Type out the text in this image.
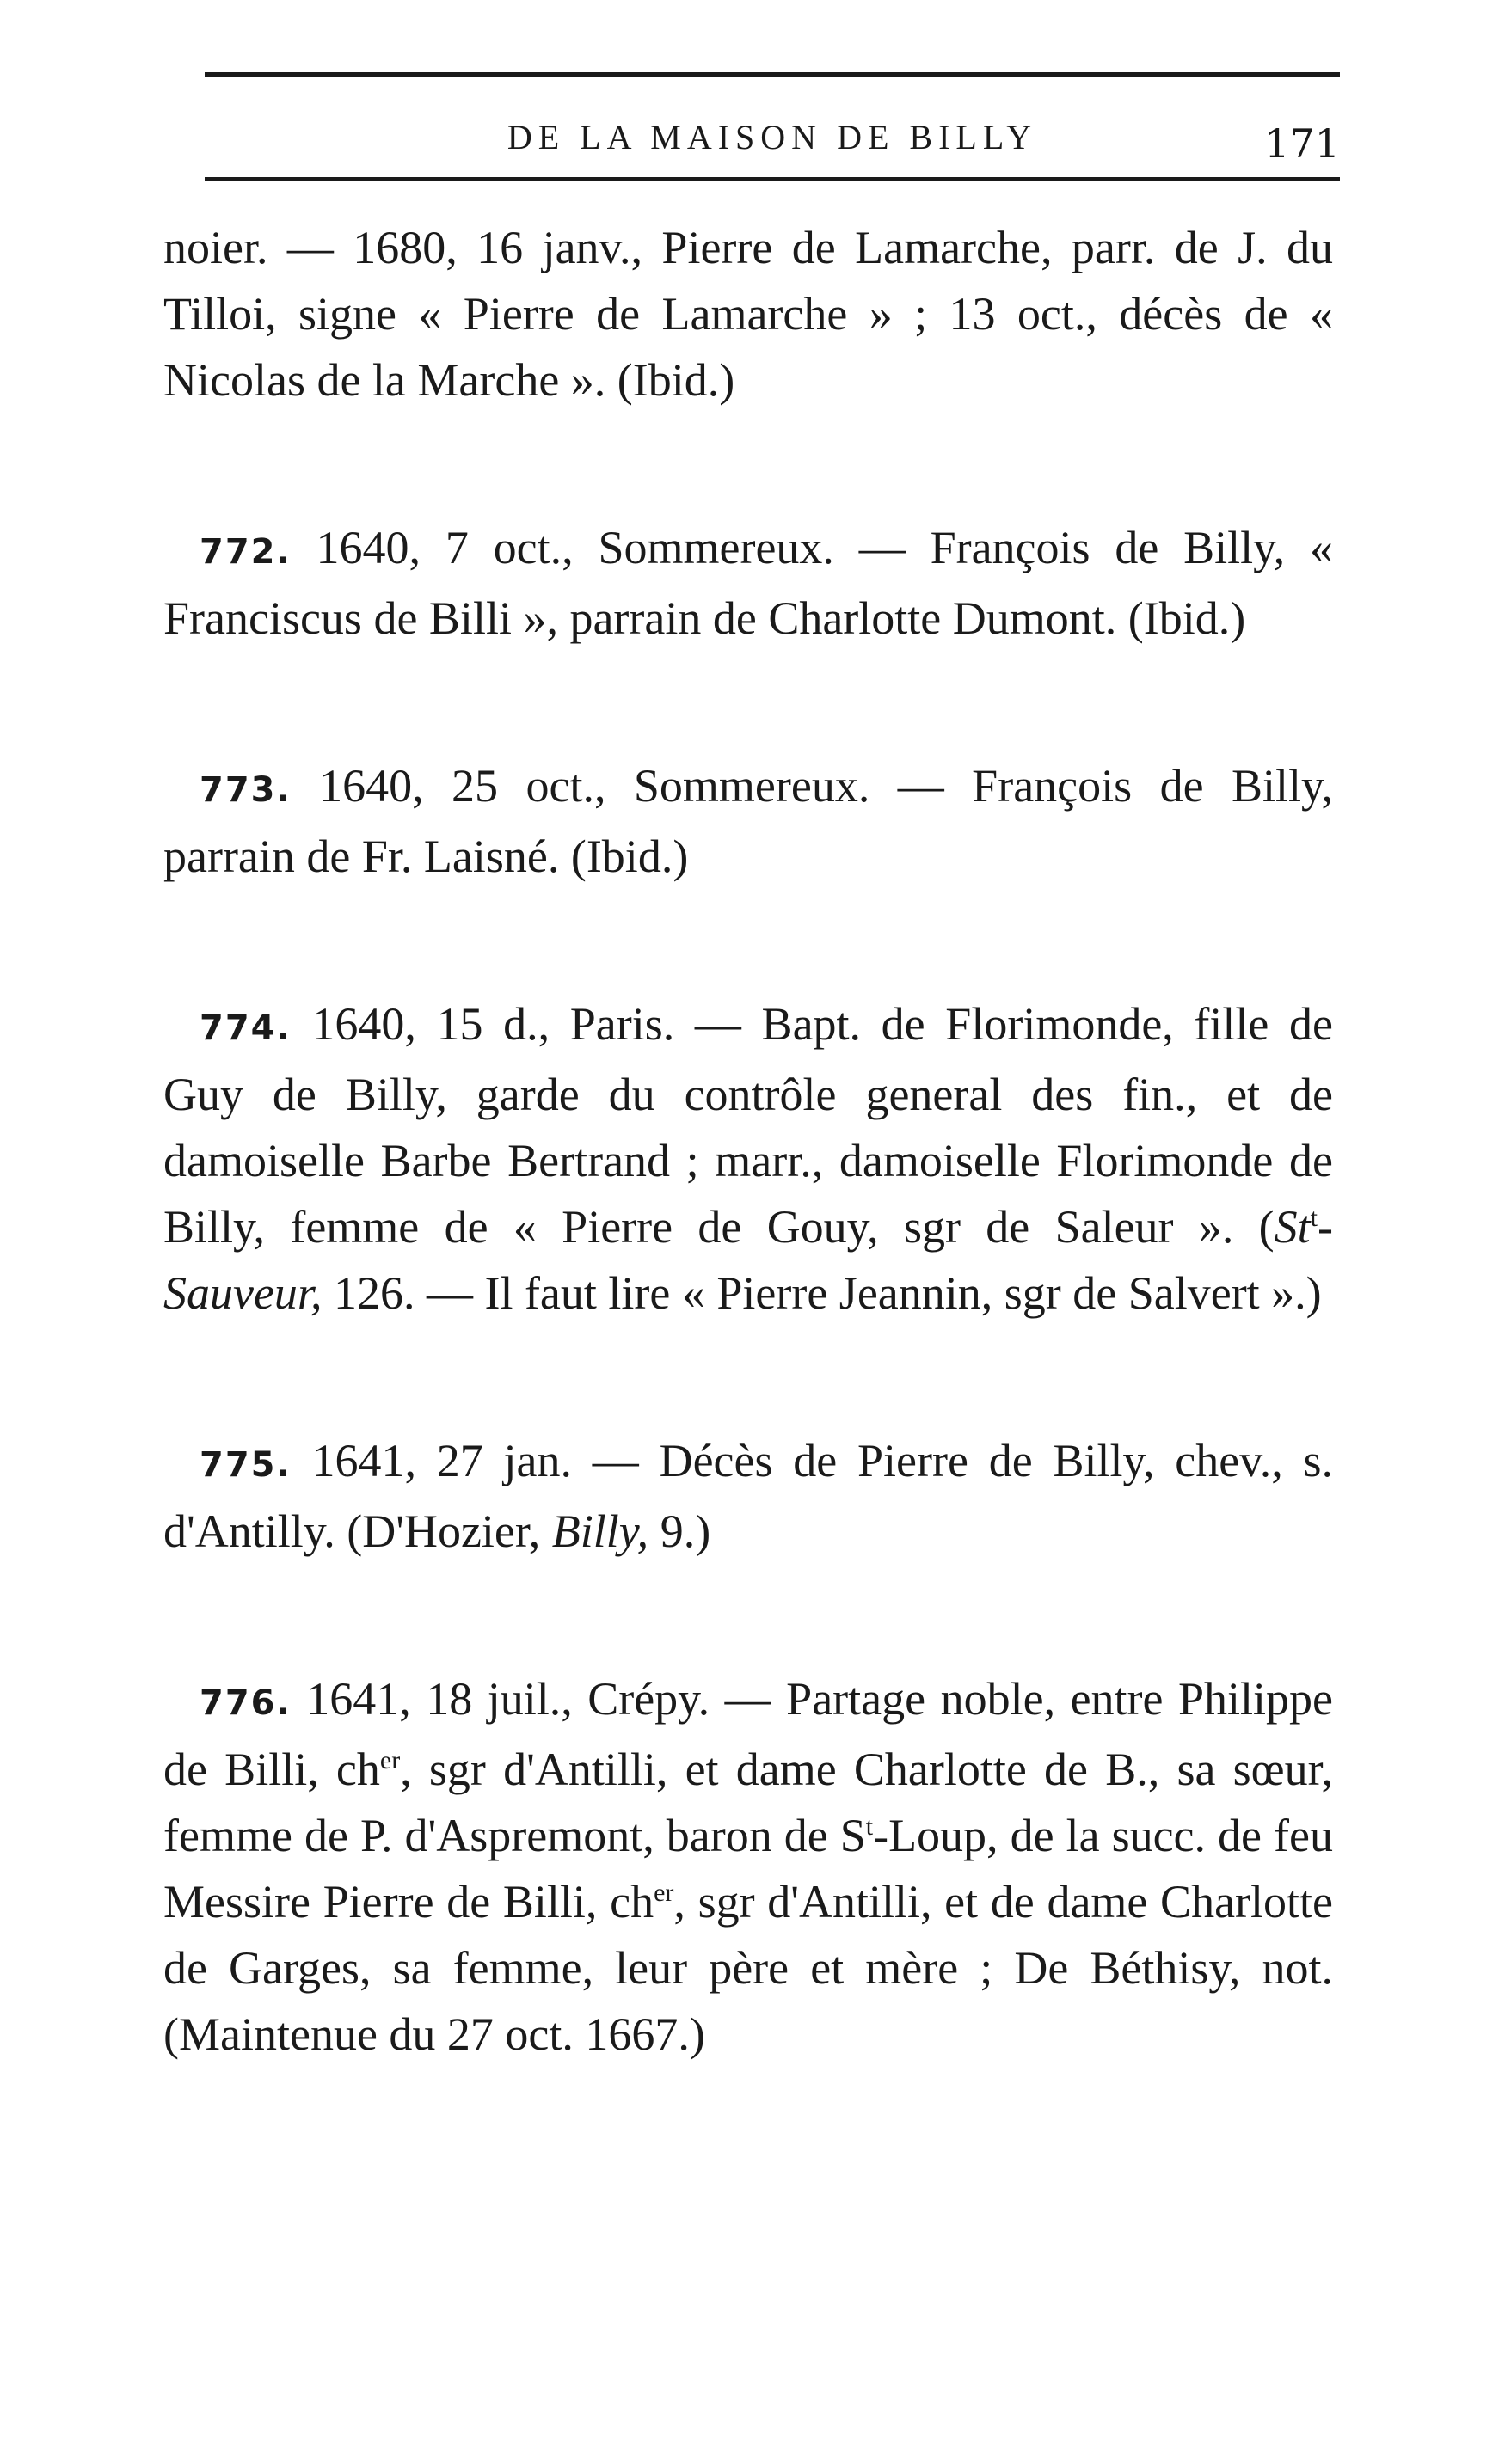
DE LA MAISON DE BILLY	171

noier. — 1680, 16 janv., Pierre de Lamarche, parr. de J. du Tilloi, signe « Pierre de Lamarche » ; 13 oct., décès de « Nicolas de la Marche ». (Ibid.)

772. 1640, 7 oct., Sommereux. — François de Billy, « Franciscus de Billi », parrain de Charlotte Dumont. (Ibid.)

773. 1640, 25 oct., Sommereux. — François de Billy, parrain de Fr. Laisné. (Ibid.)

774. 1640, 15 d., Paris. — Bapt. de Florimonde, fille de Guy de Billy, garde du contrôle general des fin., et de damoiselle Barbe Bertrand ; marr., damoiselle Florimonde de Billy, femme de « Pierre de Gouy, sgr de Saleur ». (St$^t$-Sauveur, 126. — Il faut lire « Pierre Jeannin, sgr de Salvert ».)

775. 1641, 27 jan. — Décès de Pierre de Billy, chev., s. d'Antilly. (D'Hozier, Billy, 9.)

776. 1641, 18 juil., Crépy. — Partage noble, entre Philippe de Billi, $ch^{er}$, sgr d'Antilli, et dame Charlotte de B., sa sœur, femme de P. d'Aspremont, baron de $S^t$-Loup, de la succ. de feu Messire Pierre de Billi, $ch^{er}$, sgr d'Antilli, et de dame Charlotte de Garges, sa femme, leur père et mère ; De Béthisy, not. (Maintenue du 27 oct. 1667.)
